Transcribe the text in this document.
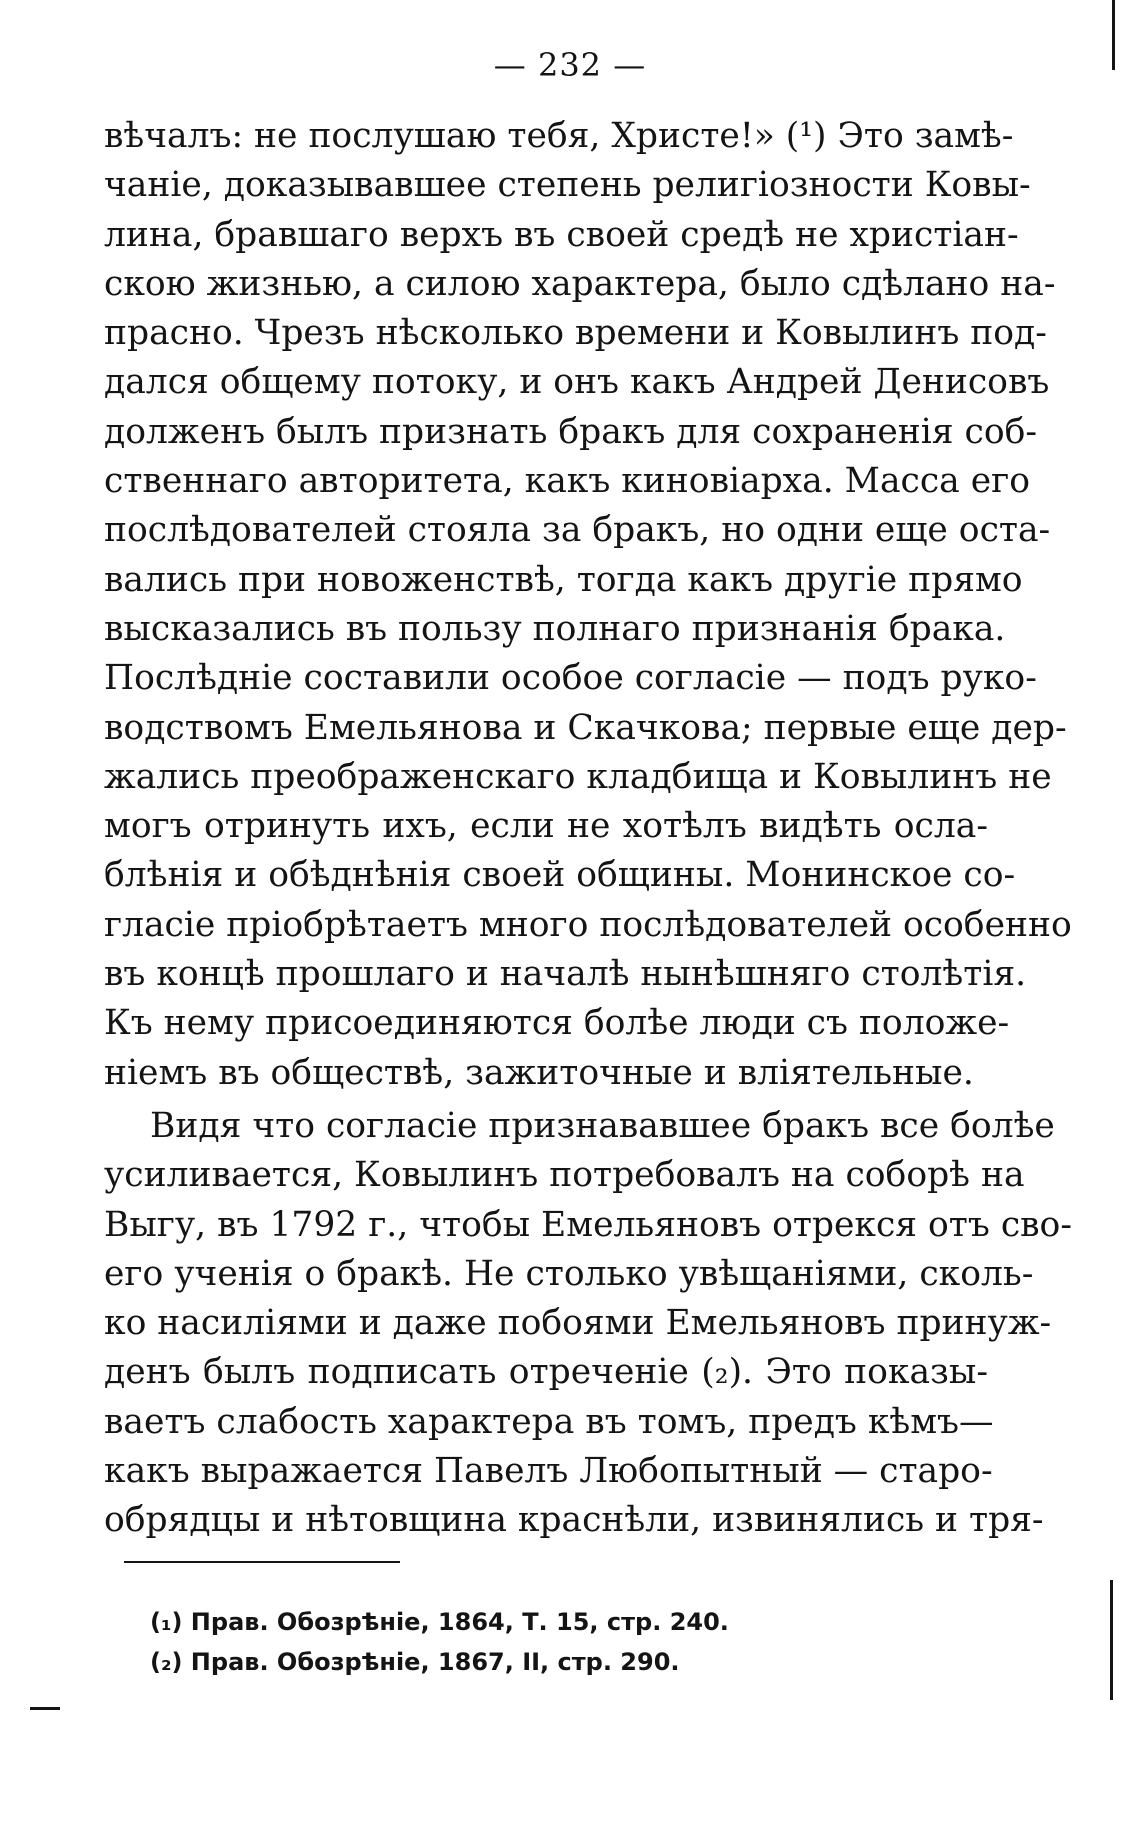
— 232 —
вѣчалъ: не послушаю тебя, Христе!» (¹) Это замѣ-
чаніе, доказывавшее степень религіозности Ковы-
лина, бравшаго верхъ въ своей средѣ не христіан-
скою жизнью, а силою характера, было сдѣлано на-
прасно. Чрезъ нѣсколько времени и Ковылинъ под-
дался общему потоку, и онъ какъ Андрей Денисовъ
долженъ былъ признать бракъ для сохраненія соб-
ственнаго авторитета, какъ киновіарха. Масса его
послѣдователей стояла за бракъ, но одни еще оста-
вались при новоженствѣ, тогда какъ другіе прямо
высказались въ пользу полнаго признанія брака.
Послѣдніе составили особое согласіе — подъ руко-
водствомъ Емельянова и Скачкова; первые еще дер-
жались преображенскаго кладбища и Ковылинъ не
могъ отринуть ихъ, если не хотѣлъ видѣть осла-
блѣнія и обѣднѣнія своей общины. Монинское со-
гласіе пріобрѣтаетъ много послѣдователей особенно
въ концѣ прошлаго и началѣ нынѣшняго столѣтія.
Къ нему присоединяются болѣе люди съ положе-
ніемъ въ обществѣ, зажиточные и вліятельные.
Видя что согласіе признававшее бракъ все болѣе
усиливается, Ковылинъ потребовалъ на соборѣ на
Выгу, въ 1792 г., чтобы Емельяновъ отрекся отъ сво-
его ученія о бракѣ. Не столько увѣщаніями, сколь-
ко насиліями и даже побоями Емельяновъ принуж-
денъ былъ подписать отреченіе (₂). Это показы-
ваетъ слабость характера въ томъ, предъ кѣмъ—
какъ выражается Павелъ Любопытный — старо-
обрядцы и нѣтовщина краснѣли, извинялись и тря-
(₁) Прав. Обозрѣніе, 1864, Т. 15, стр. 240.
(₂) Прав. Обозрѣніе, 1867, II, стр. 290.
